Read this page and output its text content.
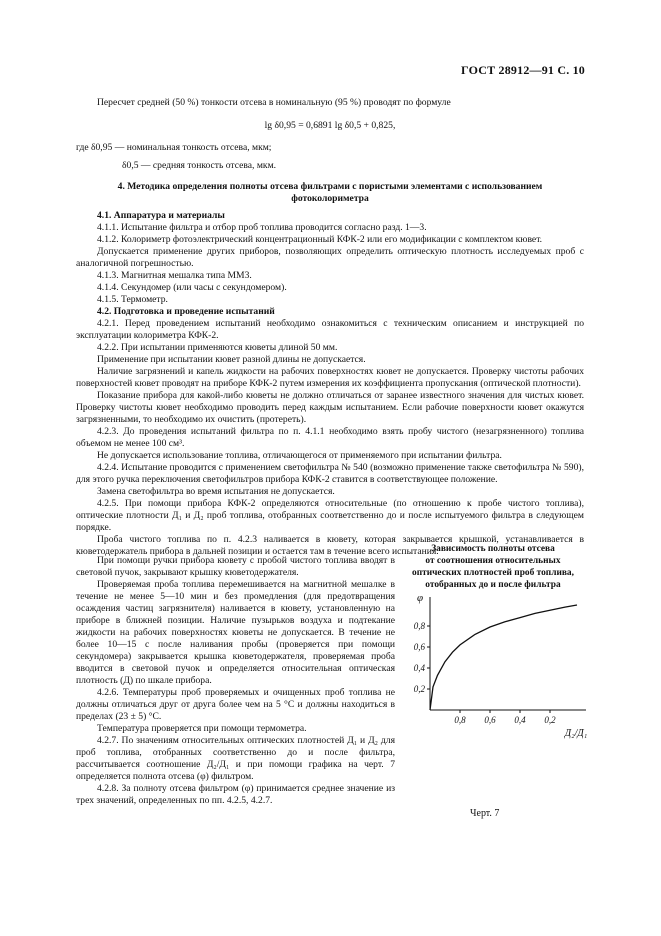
ГОСТ 28912—91 С. 10

Пересчет средней (50 %) тонкости отсева в номинальную (95 %) проводят по формуле

lg δ0,95 = 0,6891 lg δ0,5 + 0,825,

где δ0,95 — номинальная тонкость отсева, мкм;

δ0,5 — средняя тонкость отсева, мкм.

4. Методика определения полноты отсева фильтрами с пористыми элементами с использованием

фотоколориметра

4.1. Аппаратура и материалы

4.1.1. Испытание фильтра и отбор проб топлива проводится согласно разд. 1—3.

4.1.2. Колориметр фотоэлектрический концентрационный КФК-2 или его модификации с комплектом кювет.

Допускается применение других приборов, позволяющих определить оптическую плотность исследуемых проб с аналогичной погрешностью.

4.1.3. Магнитная мешалка типа ММ3.

4.1.4. Секундомер (или часы с секундомером).

4.1.5. Термометр.

4.2. Подготовка и проведение испытаний

4.2.1. Перед проведением испытаний необходимо ознакомиться с техническим описанием и инструкцией по эксплуатации колориметра КФК-2.

4.2.2. При испытании применяются кюветы длиной 50 мм.

Применение при испытании кювет разной длины не допускается.

Наличие загрязнений и капель жидкости на рабочих поверхностях кювет не допускается. Проверку чистоты рабочих поверхностей кювет проводят на приборе КФК-2 путем измерения их коэффициента пропускания (оптической плотности).

Показание прибора для какой-либо кюветы не должно отличаться от заранее известного значения для чистых кювет. Проверку чистоты кювет необходимо проводить перед каждым испытанием. Если рабочие поверхности кювет окажутся загрязненными, то необходимо их очистить (протереть).

4.2.3. До проведения испытаний фильтра по п. 4.1.1 необходимо взять пробу чистого (незагрязненного) топлива объемом не менее 100 см³.

Не допускается использование топлива, отличающегося от применяемого при испытании фильтра.

4.2.4. Испытание проводится с применением светофильтра № 540 (возможно применение также светофильтра № 590), для этого ручка переключения светофильтров прибора КФК-2 ставится в соответствующее положение.

Замена светофильтра во время испытания не допускается.

4.2.5. При помощи прибора КФК-2 определяются относительные (по отношению к пробе чистого топлива), оптические плотности Д₁ и Д₂ проб топлива, отобранных соответственно до и после испытуемого фильтра в следующем порядке.

Проба чистого топлива по п. 4.2.3 наливается в кювету, которая закрывается крышкой, устанавливается в кюветодержатель прибора в дальней позиции и остается там в течение всего испытания.

При помощи ручки прибора кювету с пробой чистого топлива вводят в световой пучок, закрывают крышку кюветодержателя.

Проверяемая проба топлива перемешивается на магнитной мешалке в течение не менее 5—10 мин и без промедления (для предотвращения осаждения частиц загрязнителя) наливается в кювету, установленную на приборе в ближней позиции. Наличие пузырьков воздуха и подтекание жидкости на рабочих поверхностях кюветы не допускается. В течение не более 10—15 с после наливания пробы (проверяется при помощи секундомера) закрывается крышка кюветодержателя, проверяемая проба вводится в световой пучок и определяется относительная оптическая плотность (Д) по шкале прибора.

4.2.6. Температуры проб проверяемых и очищенных проб топлива не должны отличаться друг от друга более чем на 5 °С и должны находиться в пределах (23 ± 5) °С.

Температура проверяется при помощи термометра.

4.2.7. По значениям относительных оптических плотностей Д₁ и Д₂ для проб топлива, отобранных соответственно до и после фильтра, рассчитывается соотношение Д₂/Д₁ и при помощи графика на черт. 7 определяется полнота отсева (φ) фильтром.

4.2.8. За полноту отсева фильтром (φ) принимается среднее значение из трех значений, определенных по пп. 4.2.5, 4.2.7.

Зависимость полноты отсева
от соотношения относительных
оптических плотностей проб топлива,
отобранных до и после фильтра
0,2
0,4
0,6
0,8
0,8 0,6 0,4 0,2
φ
Д₂/Д₁
Черт. 7
